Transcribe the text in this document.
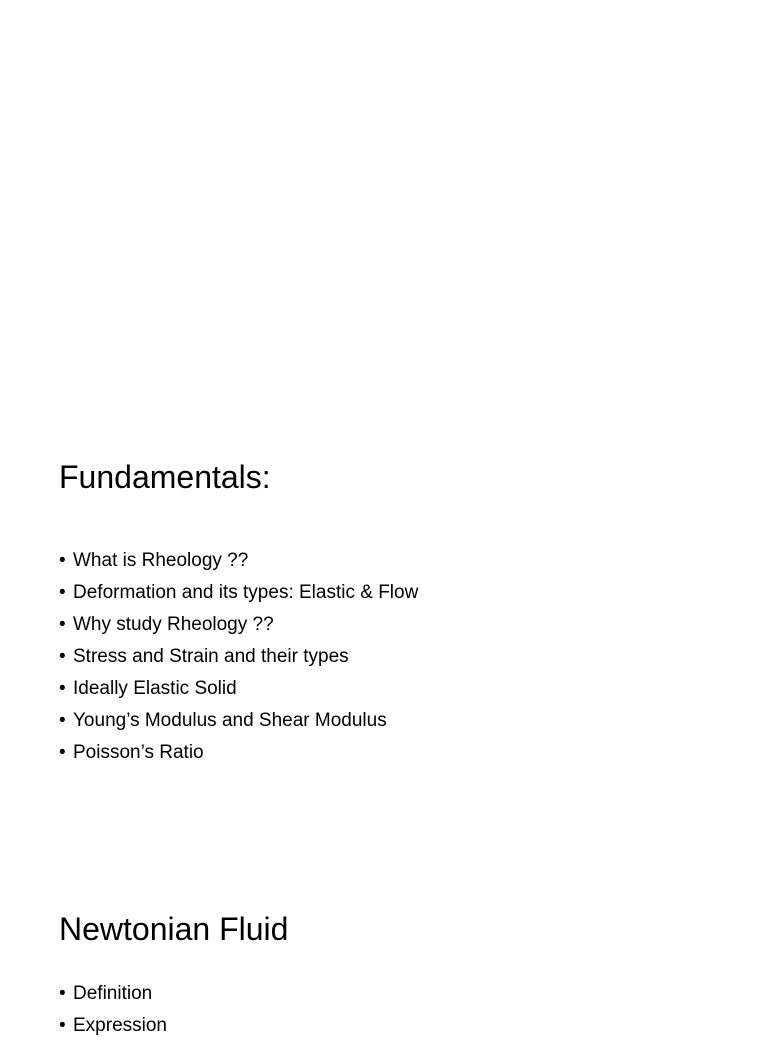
Fundamentals:
• What is Rheology ??
• Deformation and its types: Elastic & Flow
• Why study Rheology ??
• Stress and Strain and their types
• Ideally Elastic Solid
• Young’s Modulus and Shear Modulus
• Poisson’s Ratio
Newtonian Fluid
• Definition
• Expression
